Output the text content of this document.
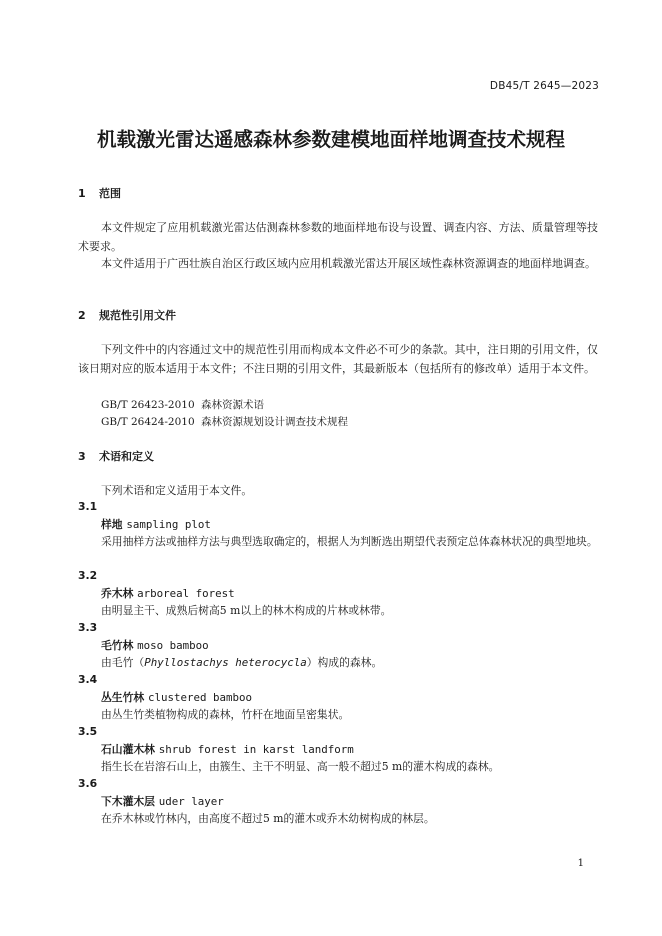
DB45/T 2645—2023
机载激光雷达遥感森林参数建模地面样地调查技术规程
1 范围
本文件规定了应用机载激光雷达估测森林参数的地面样地布设与设置、调查内容、方法、质量管理等技术要求。
本文件适用于广西壮族自治区行政区域内应用机载激光雷达开展区域性森林资源调查的地面样地调查。
2 规范性引用文件
下列文件中的内容通过文中的规范性引用而构成本文件必不可少的条款。其中，注日期的引用文件，仅该日期对应的版本适用于本文件；不注日期的引用文件，其最新版本（包括所有的修改单）适用于本文件。
GB/T 26423-2010 森林资源术语
GB/T 26424-2010 森林资源规划设计调查技术规程
3 术语和定义
下列术语和定义适用于本文件。
3.1
样地 sampling plot
采用抽样方法或抽样方法与典型选取确定的，根据人为判断选出期望代表预定总体森林状况的典型地块。
3.2
乔木林 arboreal forest
由明显主干、成熟后树高5 m以上的林木构成的片林或林带。
3.3
毛竹林 moso bamboo
由毛竹（Phyllostachys heterocycla）构成的森林。
3.4
丛生竹林 clustered bamboo
由丛生竹类植物构成的森林，竹杆在地面呈密集状。
3.5
石山灌木林 shrub forest in karst landform
指生长在岩溶石山上，由簇生、主干不明显、高一般不超过5 m的灌木构成的森林。
3.6
下木灌木层 uder layer
在乔木林或竹林内，由高度不超过5 m的灌木或乔木幼树构成的林层。
1
